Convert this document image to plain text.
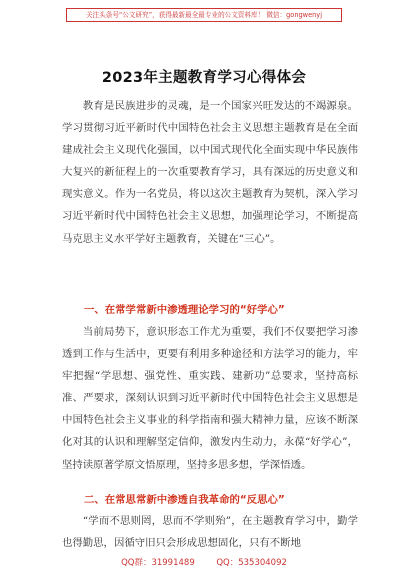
关注头条号“公文研究”，获得最新最全最专业的公文资料库！ 微信：gongwenyj
2023年主题教育学习心得体会
教育是民族进步的灵魂，是一个国家兴旺发达的不竭源泉。学习贯彻习近平新时代中国特色社会主义思想主题教育是在全面建成社会主义现代化强国，以中国式现代化全面实现中华民族伟大复兴的新征程上的一次重要教育学习，具有深远的历史意义和现实意义。作为一名党员，将以这次主题教育为契机，深入学习习近平新时代中国特色社会主义思想，加强理论学习，不断提高马克思主义水平学好主题教育，关键在“三心”。
一、在常学常新中渗透理论学习的“好学心”
当前局势下，意识形态工作尤为重要，我们不仅要把学习渗透到工作与生活中，更要有利用多种途径和方法学习的能力，牢牢把握“学思想、强党性、重实践、建新功”总要求，坚持高标准、严要求，深刻认识到习近平新时代中国特色社会主义思想是中国特色社会主义事业的科学指南和强大精神力量，应该不断深化对其的认识和理解坚定信仰，激发内生动力，永葆“好学心”，坚持读原著学原文悟原理，坚持多思多想，学深悟透。
二、在常思常新中渗透自我革命的“反思心”
“学而不思则罔，思而不学则殆”，在主题教育学习中，勤学也得勤思，因循守旧只会形成思想固化，只有不断地
QQ群：31991489        QQ：535304092
